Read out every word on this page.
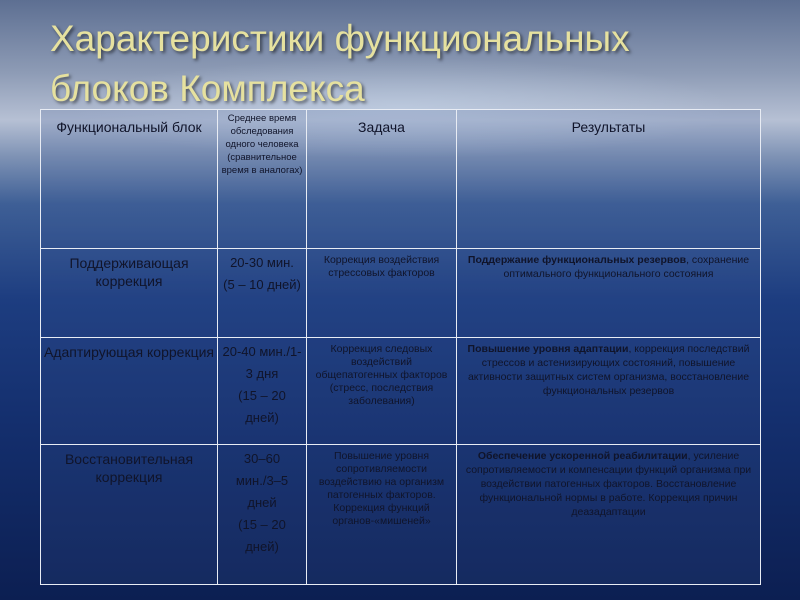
Характеристики функциональных
блоков Комплекса
Функциональный блок	Среднее время обследования одного человека (сравнительное время в аналогах)	Задача	Результаты
Поддерживающая коррекция	20-30 мин.
(5 – 10 дней)	Коррекция воздействия стрессовых факторов	Поддержание функциональных резервов, сохранение оптимального функционального состояния
Адаптирующая коррекция	20-40 мин./1-3 дня
(15 – 20 дней)	Коррекция следовых воздействий общепатогенных факторов (стресс, последствия заболевания)	Повышение уровня адаптации, коррекция последствий стрессов и астенизирующих состояний, повышение активности защитных систем организма, восстановление функциональных резервов
Восстановительная коррекция	30–60 мин./3–5 дней
(15 – 20 дней)	Повышение уровня сопротивляемости воздействию на организм патогенных факторов. Коррекция функций органов-«мишеней»	Обеспечение ускоренной реабилитации, усиление сопротивляемости и компенсации функций организма при воздействии патогенных факторов. Восстановление функциональной нормы в работе. Коррекция причин деазадаптации
